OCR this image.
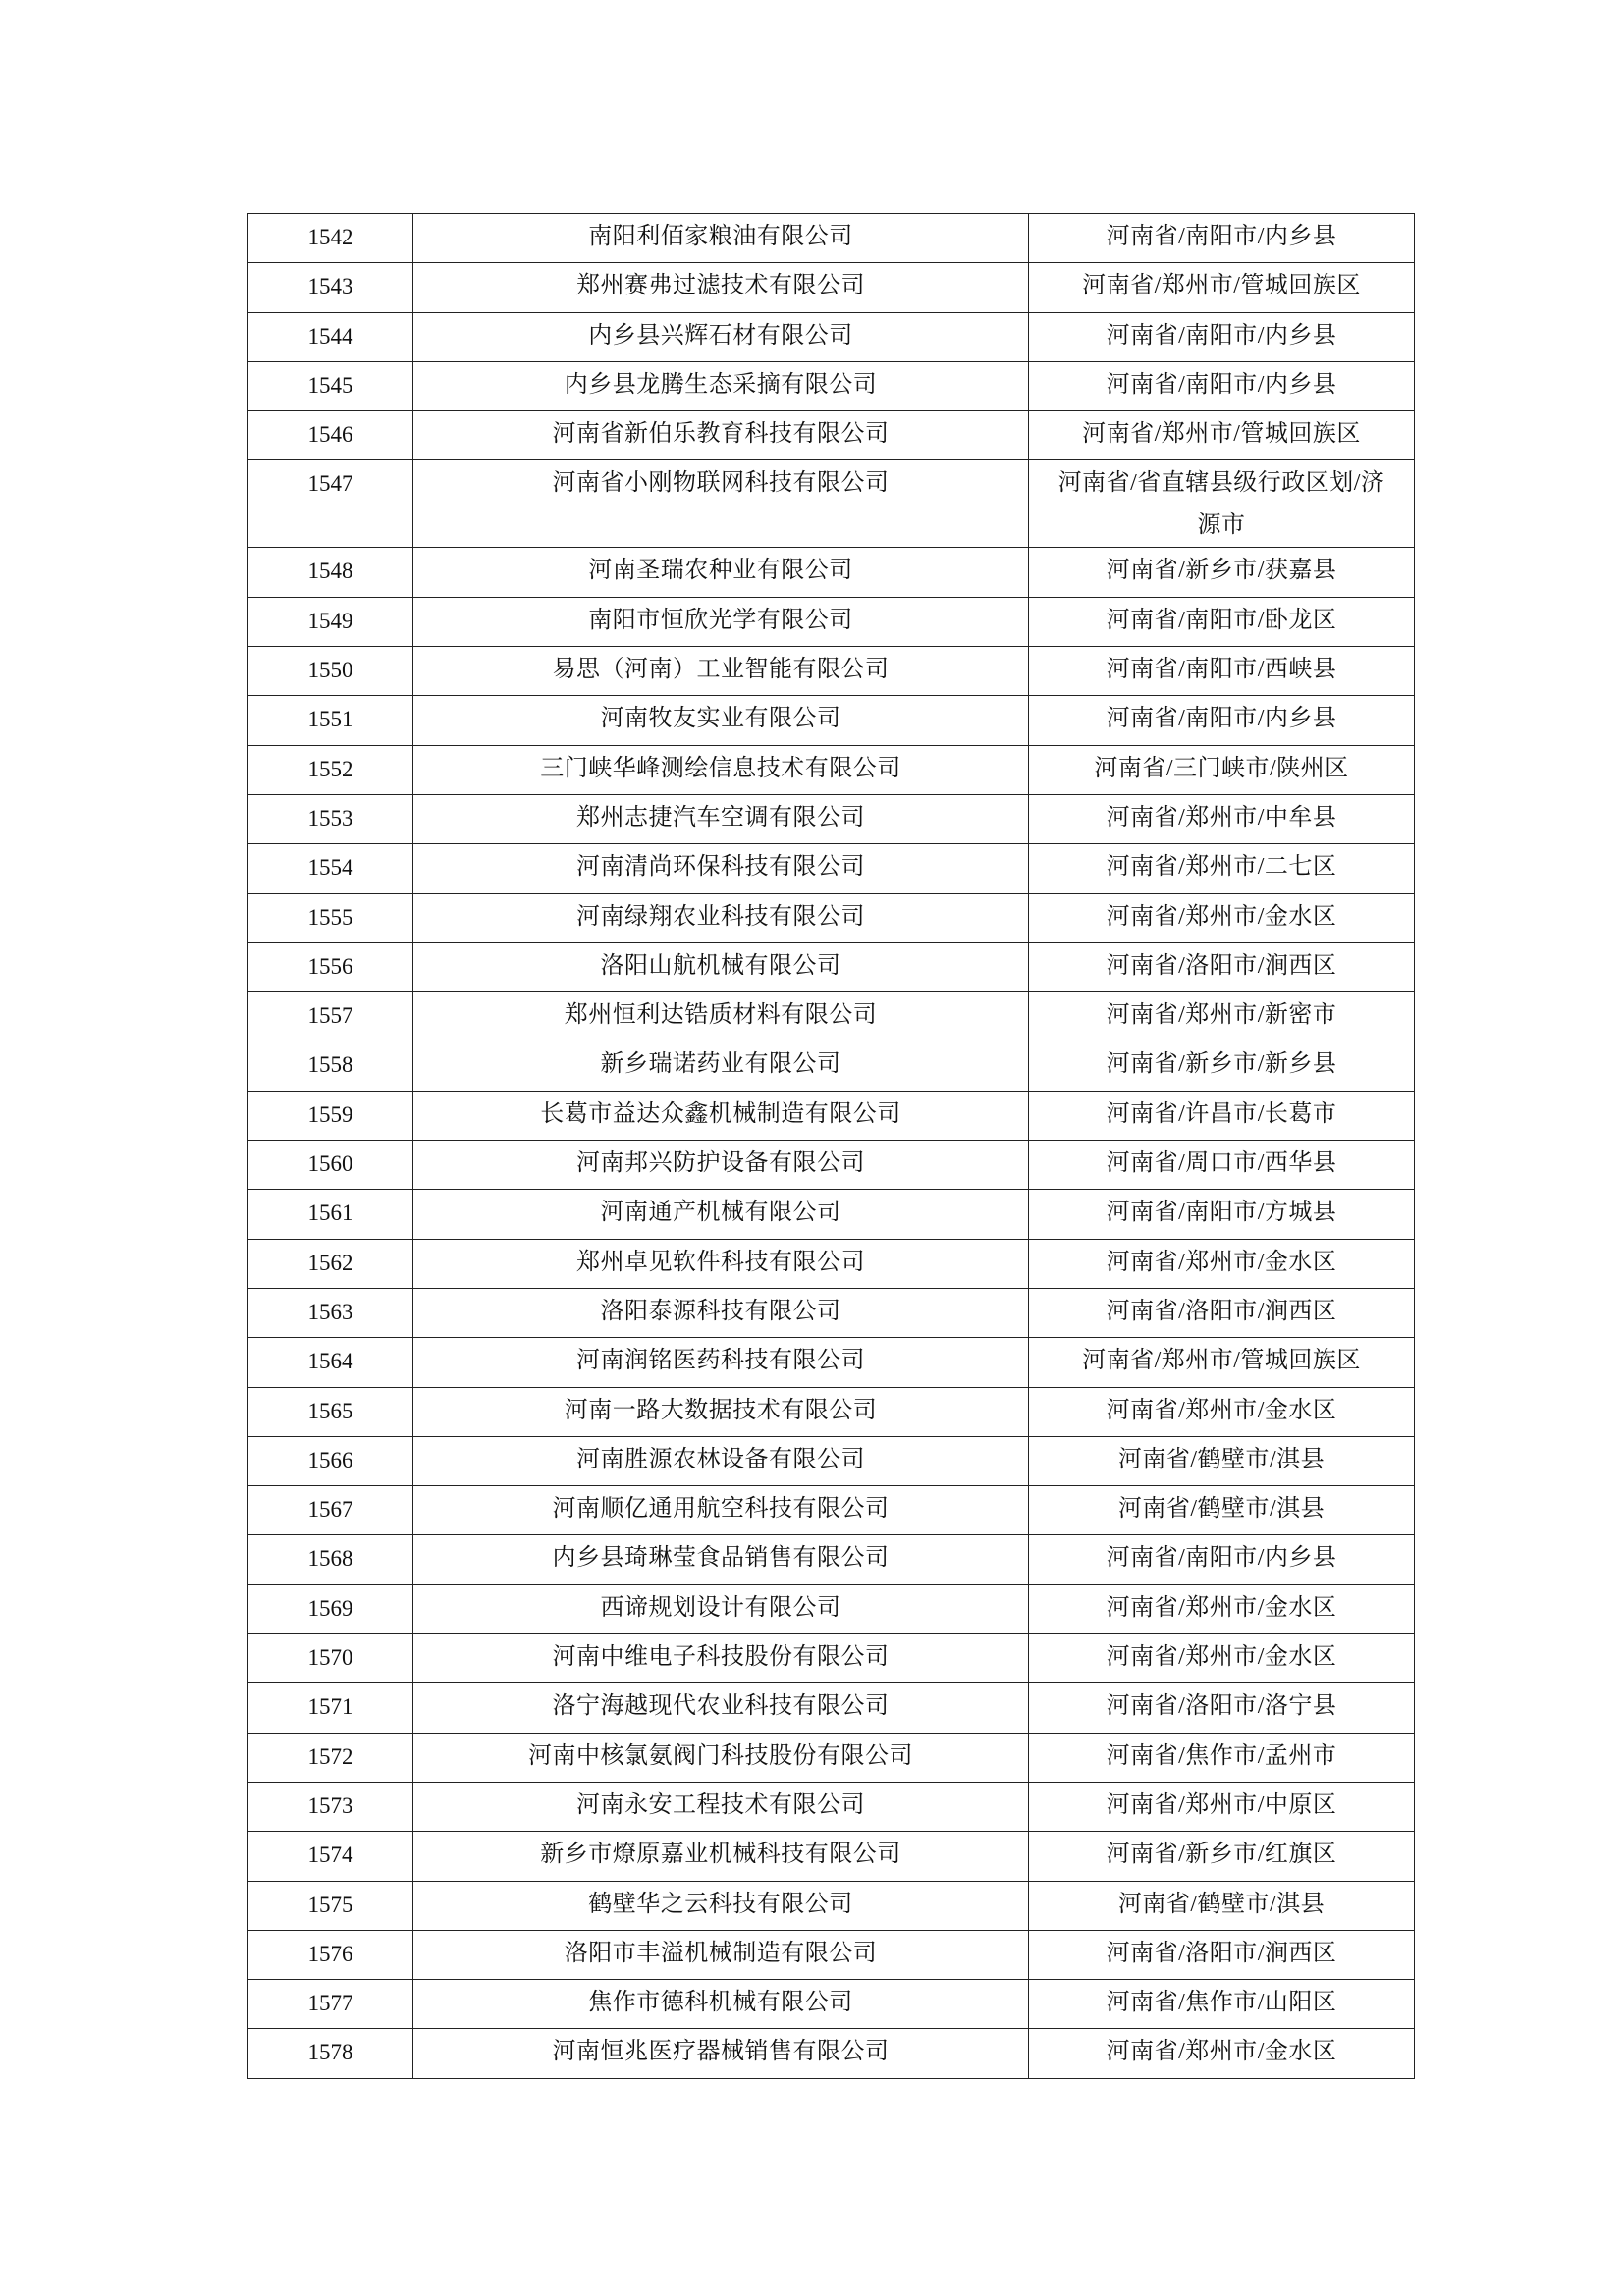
1542	南阳利佰家粮油有限公司	河南省/南阳市/内乡县
1543	郑州赛弗过滤技术有限公司	河南省/郑州市/管城回族区
1544	内乡县兴辉石材有限公司	河南省/南阳市/内乡县
1545	内乡县龙腾生态采摘有限公司	河南省/南阳市/内乡县
1546	河南省新伯乐教育科技有限公司	河南省/郑州市/管城回族区
1547	河南省小刚物联网科技有限公司	河南省/省直辖县级行政区划/济源市
1548	河南圣瑞农种业有限公司	河南省/新乡市/获嘉县
1549	南阳市恒欣光学有限公司	河南省/南阳市/卧龙区
1550	易思（河南）工业智能有限公司	河南省/南阳市/西峡县
1551	河南牧友实业有限公司	河南省/南阳市/内乡县
1552	三门峡华峰测绘信息技术有限公司	河南省/三门峡市/陕州区
1553	郑州志捷汽车空调有限公司	河南省/郑州市/中牟县
1554	河南清尚环保科技有限公司	河南省/郑州市/二七区
1555	河南绿翔农业科技有限公司	河南省/郑州市/金水区
1556	洛阳山航机械有限公司	河南省/洛阳市/涧西区
1557	郑州恒利达锆质材料有限公司	河南省/郑州市/新密市
1558	新乡瑞诺药业有限公司	河南省/新乡市/新乡县
1559	长葛市益达众鑫机械制造有限公司	河南省/许昌市/长葛市
1560	河南邦兴防护设备有限公司	河南省/周口市/西华县
1561	河南通产机械有限公司	河南省/南阳市/方城县
1562	郑州卓见软件科技有限公司	河南省/郑州市/金水区
1563	洛阳泰源科技有限公司	河南省/洛阳市/涧西区
1564	河南润铭医药科技有限公司	河南省/郑州市/管城回族区
1565	河南一路大数据技术有限公司	河南省/郑州市/金水区
1566	河南胜源农林设备有限公司	河南省/鹤壁市/淇县
1567	河南顺亿通用航空科技有限公司	河南省/鹤壁市/淇县
1568	内乡县琦琳莹食品销售有限公司	河南省/南阳市/内乡县
1569	西谛规划设计有限公司	河南省/郑州市/金水区
1570	河南中维电子科技股份有限公司	河南省/郑州市/金水区
1571	洛宁海越现代农业科技有限公司	河南省/洛阳市/洛宁县
1572	河南中核氯氨阀门科技股份有限公司	河南省/焦作市/孟州市
1573	河南永安工程技术有限公司	河南省/郑州市/中原区
1574	新乡市燎原嘉业机械科技有限公司	河南省/新乡市/红旗区
1575	鹤壁华之云科技有限公司	河南省/鹤壁市/淇县
1576	洛阳市丰溢机械制造有限公司	河南省/洛阳市/涧西区
1577	焦作市德科机械有限公司	河南省/焦作市/山阳区
1578	河南恒兆医疗器械销售有限公司	河南省/郑州市/金水区
